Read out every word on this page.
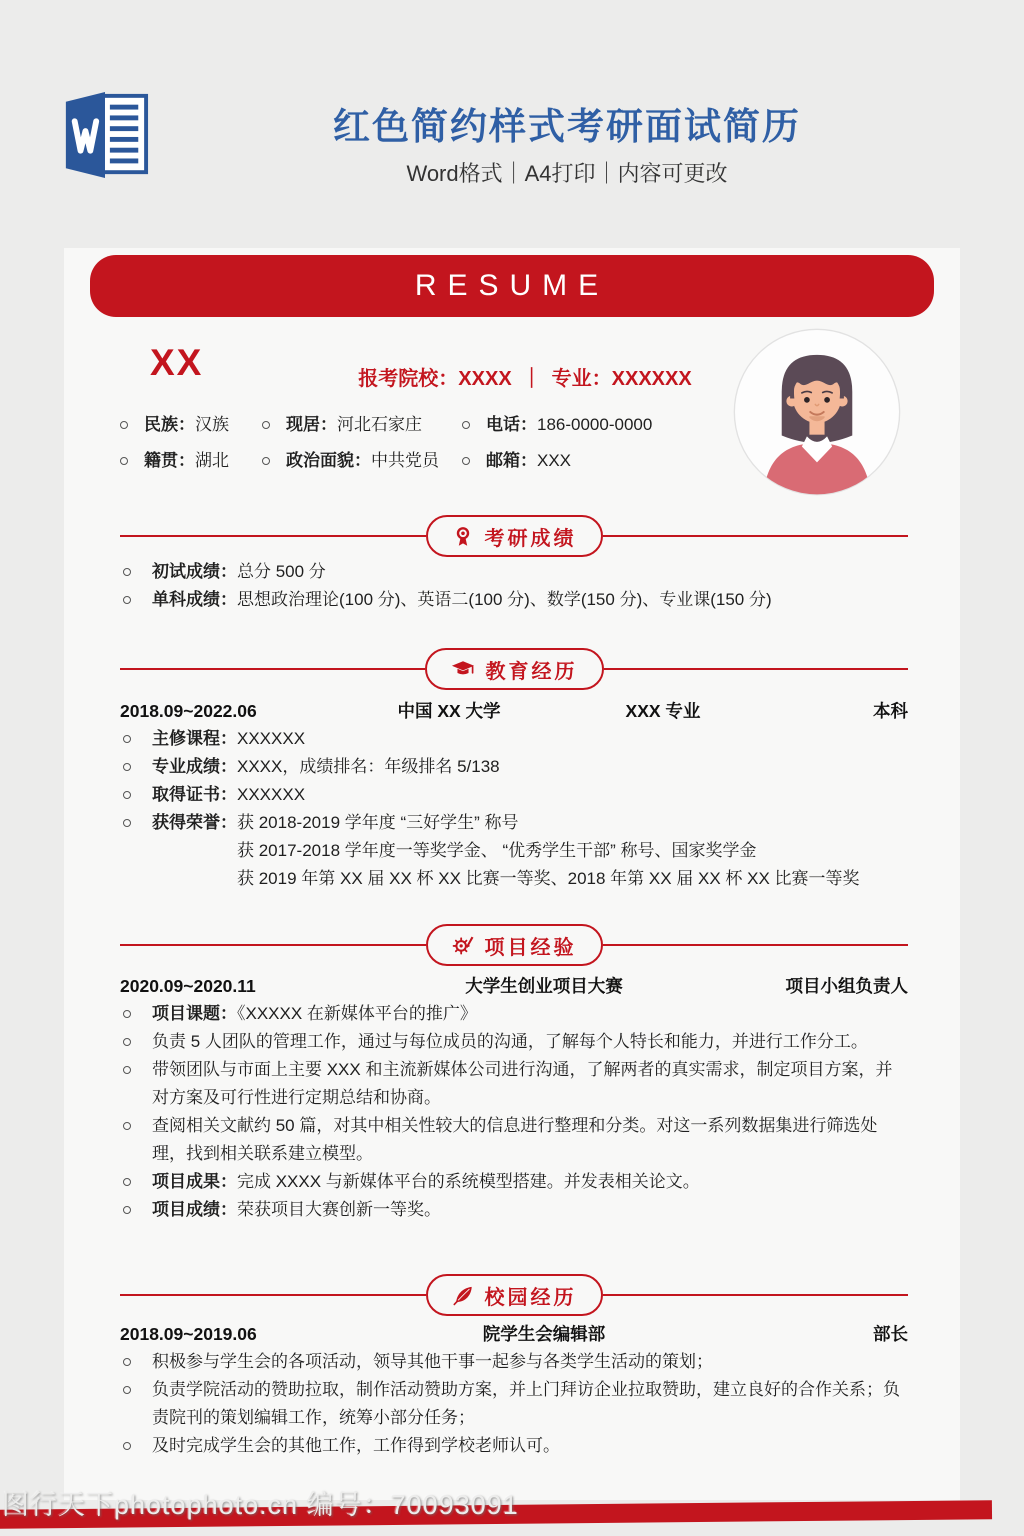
红色简约样式考研面试简历
Word格式｜A4打印｜内容可更改
RESUME
XX	报考院校：XXXX ｜ 专业：XXXXXX
民族：汉族	现居：河北石家庄	电话：186-0000-0000
籍贯：湖北	政治面貌：中共党员	邮箱：XXX
考研成绩
初试成绩：总分 500 分
单科成绩：思想政治理论(100 分)、英语二(100 分)、数学(150 分)、专业课(150 分)
教育经历
2018.09~2022.06	中国 XX 大学	XXX 专业	本科
主修课程：XXXXXX
专业成绩：XXXX，成绩排名：年级排名 5/138
取得证书：XXXXXX
获得荣誉：获 2018-2019 学年度 “三好学生” 称号
获 2017-2018 学年度一等奖学金、 “优秀学生干部” 称号、国家奖学金
获 2019 年第 XX 届 XX 杯 XX 比赛一等奖、2018 年第 XX 届 XX 杯 XX 比赛一等奖
项目经验
2020.09~2020.11	大学生创业项目大赛	项目小组负责人
项目课题：《XXXXX 在新媒体平台的推广》
负责 5 人团队的管理工作，通过与每位成员的沟通，了解每个人特长和能力，并进行工作分工。
带领团队与市面上主要 XXX 和主流新媒体公司进行沟通，了解两者的真实需求，制定项目方案，并对方案及可行性进行定期总结和协商。
查阅相关文献约 50 篇，对其中相关性较大的信息进行整理和分类。对这一系列数据集进行筛选处理，找到相关联系建立模型。
项目成果：完成 XXXX 与新媒体平台的系统模型搭建。并发表相关论文。
项目成绩：荣获项目大赛创新一等奖。
校园经历
2018.09~2019.06	院学生会编辑部	部长
积极参与学生会的各项活动，领导其他干事一起参与各类学生活动的策划；
负责学院活动的赞助拉取，制作活动赞助方案，并上门拜访企业拉取赞助，建立良好的合作关系；负责院刊的策划编辑工作，统筹小部分任务；
及时完成学生会的其他工作，工作得到学校老师认可。
图行天下photophoto.cn 编号：70093091
